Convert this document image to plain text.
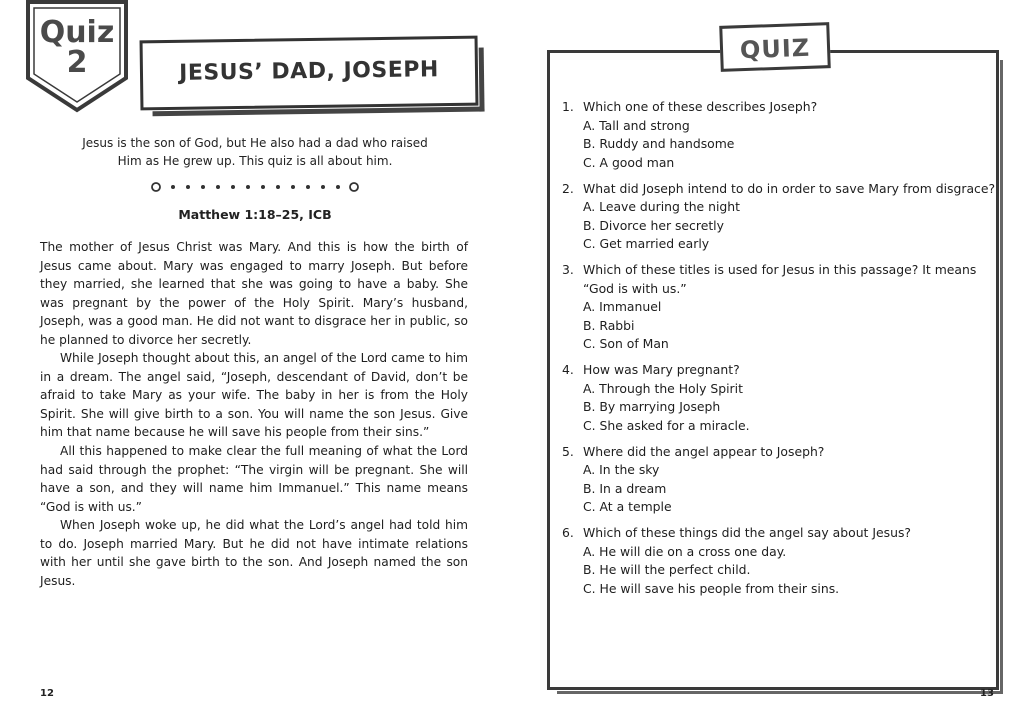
Quiz
2	JESUS’ DAD, JOSEPH
Jesus is the son of God, but He also had a dad who raised Him as He grew up. This quiz is all about him.
Matthew 1:18–25, ICB

The mother of Jesus Christ was Mary. And this is how the birth of Jesus came about. Mary was engaged to marry Joseph. But before they married, she learned that she was going to have a baby. She was pregnant by the power of the Holy Spirit. Mary’s husband, Joseph, was a good man. He did not want to disgrace her in public, so he planned to divorce her secretly.

While Joseph thought about this, an angel of the Lord came to him in a dream. The angel said, “Joseph, descendant of David, don’t be afraid to take Mary as your wife. The baby in her is from the Holy Spirit. She will give birth to a son. You will name the son Jesus. Give him that name because he will save his people from their sins.”

All this happened to make clear the full meaning of what the Lord had said through the prophet: “The virgin will be pregnant. She will have a son, and they will name him Immanuel.” This name means “God is with us.”

When Joseph woke up, he did what the Lord’s angel had told him to do. Joseph married Mary. But he did not have intimate relations with her until she gave birth to the son. And Joseph named the son Jesus.

12
QUIZ
1. Which one of these describes Joseph?
A. Tall and strong
B. Ruddy and handsome
C. A good man
2. What did Joseph intend to do in order to save Mary from disgrace?
A. Leave during the night
B. Divorce her secretly
C. Get married early
3. Which of these titles is used for Jesus in this passage? It means “God is with us.”
A. Immanuel
B. Rabbi
C. Son of Man
4. How was Mary pregnant?
A. Through the Holy Spirit
B. By marrying Joseph
C. She asked for a miracle.
5. Where did the angel appear to Joseph?
A. In the sky
B. In a dream
C. At a temple
6. Which of these things did the angel say about Jesus?
A. He will die on a cross one day.
B. He will the perfect child.
C. He will save his people from their sins.
13
